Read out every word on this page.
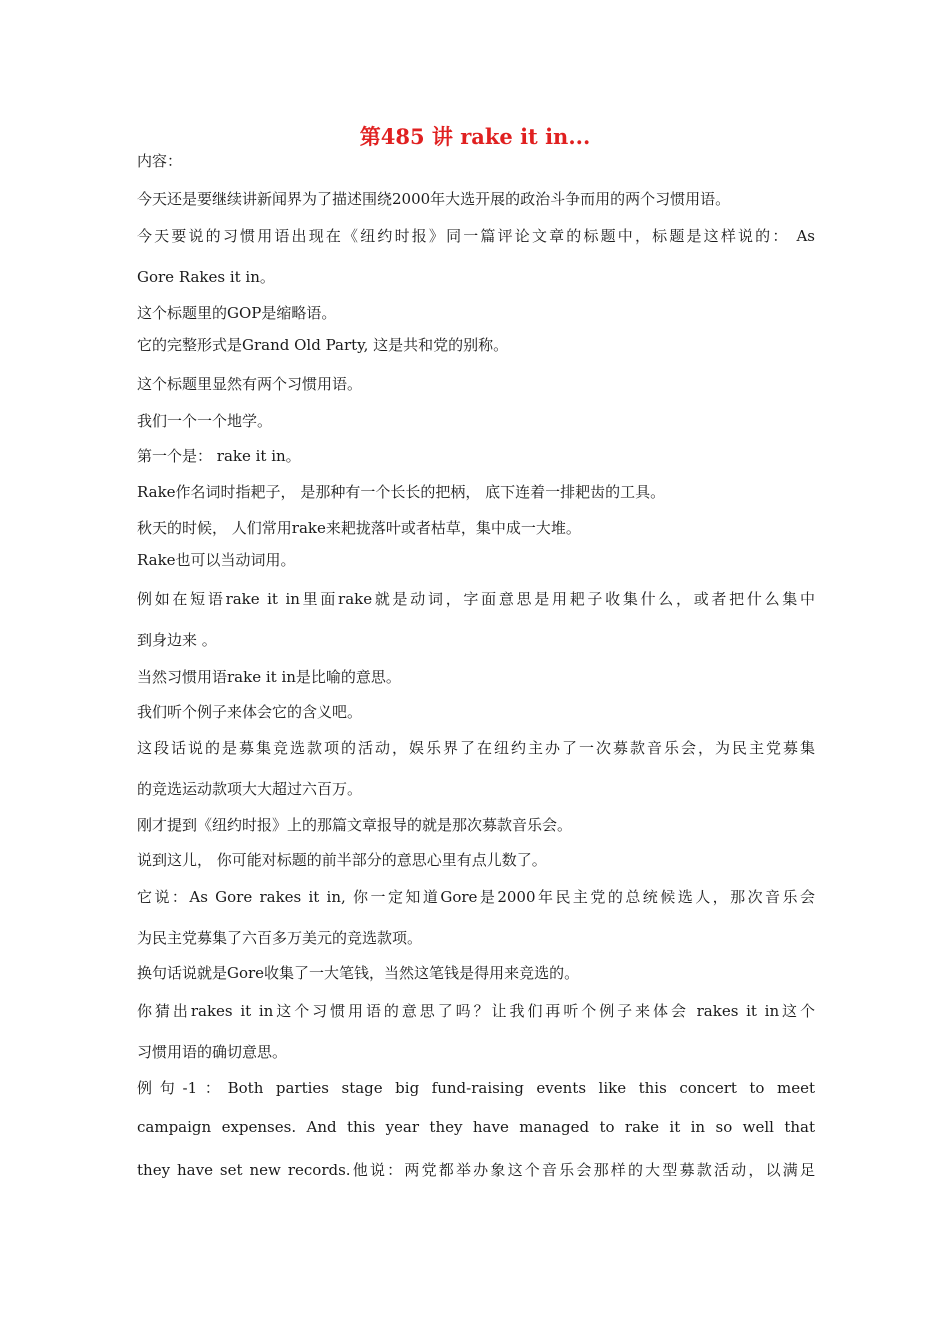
第485 讲 rake it in...
内容：
今天还是要继续讲新闻界为了描述围绕2000年大选开展的政治斗争而用的两个习惯用语。
今天要说的习惯用语出现在《纽约时报》同一篇评论文章的标题中，标题是这样说的： As
Gore Rakes it in。
这个标题里的GOP是缩略语。
它的完整形式是Grand Old Party, 这是共和党的别称。
这个标题里显然有两个习惯用语。
我们一个一个地学。
第一个是： rake it in。
Rake作名词时指耙子， 是那种有一个长长的把柄， 底下连着一排耙齿的工具。
秋天的时候， 人们常用rake来耙拢落叶或者枯草，集中成一大堆。
Rake也可以当动词用。
例如在短语rake it in里面rake就是动词，字面意思是用耙子收集什么，或者把什么集中
到身边来 。
当然习惯用语rake it in是比喻的意思。
我们听个例子来体会它的含义吧。
这段话说的是募集竞选款项的活动，娱乐界了在纽约主办了一次募款音乐会，为民主党募集
的竞选运动款项大大超过六百万。
刚才提到《纽约时报》上的那篇文章报导的就是那次募款音乐会。
说到这儿， 你可能对标题的前半部分的意思心里有点儿数了。
它说：As Gore rakes it in, 你一定知道Gore是2000年民主党的总统候选人，那次音乐会
为民主党募集了六百多万美元的竞选款项。
换句话说就是Gore收集了一大笔钱，当然这笔钱是得用来竞选的。
你猜出rakes it in这个习惯用语的意思了吗？让我们再听个例子来体会 rakes it in这个
习惯用语的确切意思。
例句-1：Both parties stage big fund-raising events like this concert to meet
campaign expenses. And this year they have managed to rake it in so well that
they have set new records.他说：两党都举办象这个音乐会那样的大型募款活动，以满足
